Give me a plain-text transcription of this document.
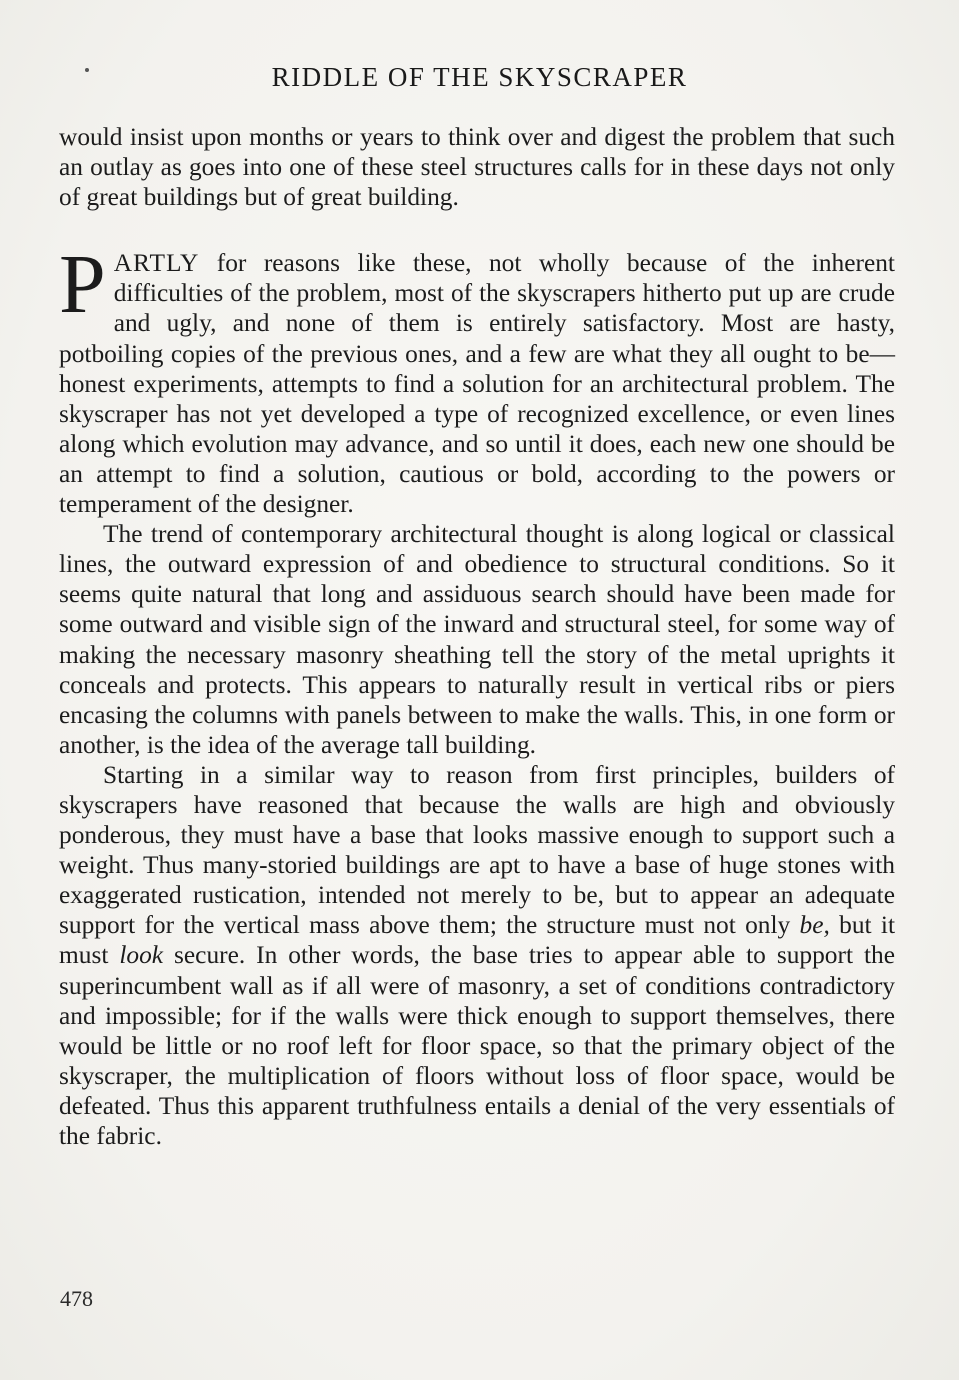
RIDDLE OF THE SKYSCRAPER

would insist upon months or years to think over and digest the problem that such an outlay as goes into one of these steel structures calls for in these days not only of great buildings but of great building.

PARTLY for reasons like these, not wholly because of the inherent difficulties of the problem, most of the skyscrapers hitherto put up are crude and ugly, and none of them is entirely satisfactory. Most are hasty, potboiling copies of the previous ones, and a few are what they all ought to be—honest experiments, attempts to find a solution for an architectural problem. The skyscraper has not yet developed a type of recognized excellence, or even lines along which evolution may advance, and so until it does, each new one should be an attempt to find a solution, cautious or bold, according to the powers or temperament of the designer.

The trend of contemporary architectural thought is along logical or classical lines, the outward expression of and obedience to structural conditions. So it seems quite natural that long and assiduous search should have been made for some outward and visible sign of the inward and structural steel, for some way of making the necessary masonry sheathing tell the story of the metal uprights it conceals and protects. This appears to naturally result in vertical ribs or piers encasing the columns with panels between to make the walls. This, in one form or another, is the idea of the average tall building.

Starting in a similar way to reason from first principles, builders of skyscrapers have reasoned that because the walls are high and obviously ponderous, they must have a base that looks massive enough to support such a weight. Thus many-storied buildings are apt to have a base of huge stones with exaggerated rustication, intended not merely to be, but to appear an adequate support for the vertical mass above them; the structure must not only be, but it must look secure. In other words, the base tries to appear able to support the superincumbent wall as if all were of masonry, a set of conditions contradictory and impossible; for if the walls were thick enough to support themselves, there would be little or no roof left for floor space, so that the primary object of the skyscraper, the multiplication of floors without loss of floor space, would be defeated. Thus this apparent truthfulness entails a denial of the very essentials of the fabric.

478
